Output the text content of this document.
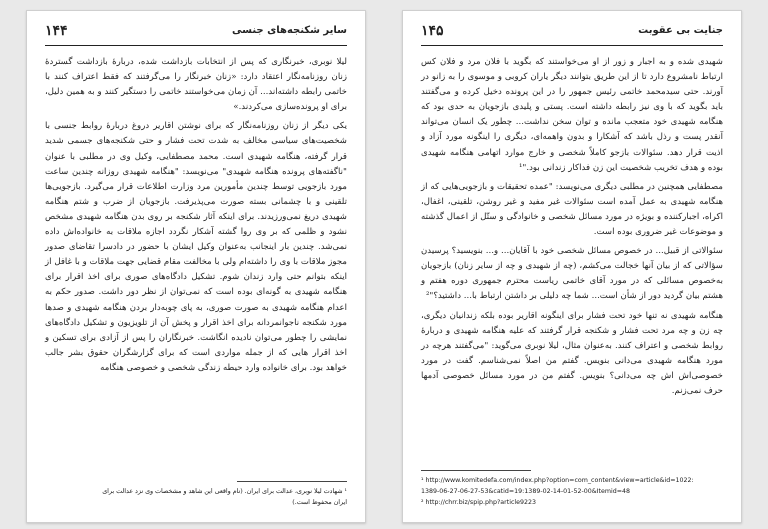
سایر شکنجه‌های جنسی
۱۴۴

لیلا نوبری، خبرنگاری که پس از انتخابات بازداشت شده، دربارهٔ بازداشت گستردهٔ زنان روزنامه‌نگار اعتقاد دارد: «زنان خبرنگار را می‌گرفتند که فقط اعتراف کنند با خاتمی رابطه داشته‌اند... آن زمان می‌خواستند خاتمی را دستگیر کنند و به همین دلیل، برای او پرونده‌سازی می‌کردند.»

یکی دیگر از زنان روزنامه‌نگار که برای نوشتن اقاریر دروغ دربارهٔ روابط جنسی با شخصیت‌های سیاسی مخالف به شدت تحت فشار و حتی شکنجه‌های جسمی شدید قرار گرفته، هنگامه شهیدی است. محمد مصطفایی، وکیل وی در مطلبی با عنوان "ناگفته‌های پرونده هنگامه شهیدی" می‌نویسد: "هنگامه شهیدی روزانه چندین ساعت مورد بازجویی توسط چندین مأمورین مرد وزارت اطلاعات قرار می‌گیرد. بازجویی‌ها تلقینی و با چشمانی بسته صورت می‌پذیرفت. بازجویان از ضرب و شتم هنگامه شهیدی دریغ نمی‌ورزیدند. برای اینکه آثار شکنجه بر روی بدن هنگامه شهیدی مشخص نشود و ظلمی که بر وی روا گشته آشکار نگردد اجازه ملاقات به خانواده‌اش داده نمی‌شد. چندین بار اینجانب به‌عنوان وکیل ایشان با حضور در دادسرا تقاضای صدور مجوز ملاقات با وی را داشته‌ام ولی با مخالفت مقام قضایی جهت ملاقات و با غافل از اینکه بتوانم حتی وارد زندان شوم. تشکیل دادگاه‌های صوری برای اخذ اقرار برای هنگامه شهیدی به گونه‌ای بوده است که نمی‌توان از نظر دور داشت. صدور حکم به اعدام هنگامه شهیدی به صورت صوری، به پای چوبه‌دار بردن هنگامه شهیدی و صدها مورد شکنجه ناجوانمردانه برای اخذ اقرار و پخش آن از تلویزیون و تشکیل دادگاه‌های نمایشی را چطور می‌توان نادیده انگاشت. خبرنگاران را پس از آزادی برای تسکین و اخذ اقرار هایی که از جمله مواردی است که برای گزارشگران حقوق بشر جالب خواهد بود. برای خانواده وارد حیطه زندگی شخصی و خصوصی هنگامه

¹ شهادت لیلا نوبری، عدالت برای ایران. (نام واقعی این شاهد و مشخصات وی نزد عدالت برای
ایران محفوظ است.)
جنایت بی عقوبت
۱۴۵

شهیدی شده و به اجبار و زور از او می‌خواستند که بگوید با فلان مرد و فلان کس ارتباط نامشروع دارد تا از این طریق بتوانند دیگر یاران کروبی و موسوی را به زانو در آورند. حتی سیدمحمد خاتمی رئیس جمهور را در این پرونده دخیل کرده و می‌گفتند باید بگوید که با وی نیز رابطه داشته است. پستی و پلیدی بازجویان به حدی بود که هنگامه شهیدی خود متعجب مانده و توان سخن نداشت... چطور یک انسان می‌تواند آنقدر پست و رذل باشد که آشکارا و بدون واهمه‌ای، دیگری را اینگونه مورد آزاد و اذیت قرار دهد. سئوالات بازجو کاملاً شخصی و خارج موارد اتهامی هنگامه شهیدی بوده و هدف تخریب شخصیت این زن فداکار زندانی بود."¹

مصطفایی همچنین در مطلبی دیگری می‌نویسد: "عمده تحقیقات و بازجویی‌هایی که از هنگامه شهیدی به عمل آمده است سئوالات غیر مفید و غیر روشن، تلقینی، اغفال، اکراه، اجبارکننده و بویژه در مورد مسائل شخصی و خانوادگی و ستّل از اعمال گذشته و موضوعات غیر ضروری بوده است.

سئوالاتی از قبیل... در خصوص مسائل شخصی خود با آقایان... و... بنویسید؟ پرسیدن سؤالاتی که از بیان آنها خجالت می‌کشم، (چه از شهیدی و چه از سایر زنان) بازجویان به‌خصوص مسائلی که در مورد آقای خاتمی ریاست محترم جمهوری دوره هفتم و هشتم بیان گردید دور از شأن است... شما چه دلیلی بر داشتن ارتباط با... داشتید؟"²

هنگامه شهیدی نه تنها خود تحت فشار برای اینگونه اقاریر بوده بلکه زندانیان دیگری، چه زن و چه مرد تحت فشار و شکنجه قرار گرفتند که علیه هنگامه شهیدی و دربارهٔ روابط شخصی و اعتراف کنند. به‌عنوان مثال، لیلا نوبری می‌گوید: "می‌گفتند هرچه در مورد هنگامه شهیدی می‌دانی بنویس. گفتم من اصلاً نمی‌شناسم. گفت در مورد خصوصی‌اش اش چه می‌دانی؟ بنویس. گفتم من در مورد مسائل خصوصی آدمها حرف نمی‌زنم.

¹ http://www.komitedefa.com/index.php?option=com_content&view=article&id=1022:
1389-06-27-06-27-53&catid=19:1389-02-14-01-52-00&Itemid=48
² http://chrr.biz/spip.php?article9223
